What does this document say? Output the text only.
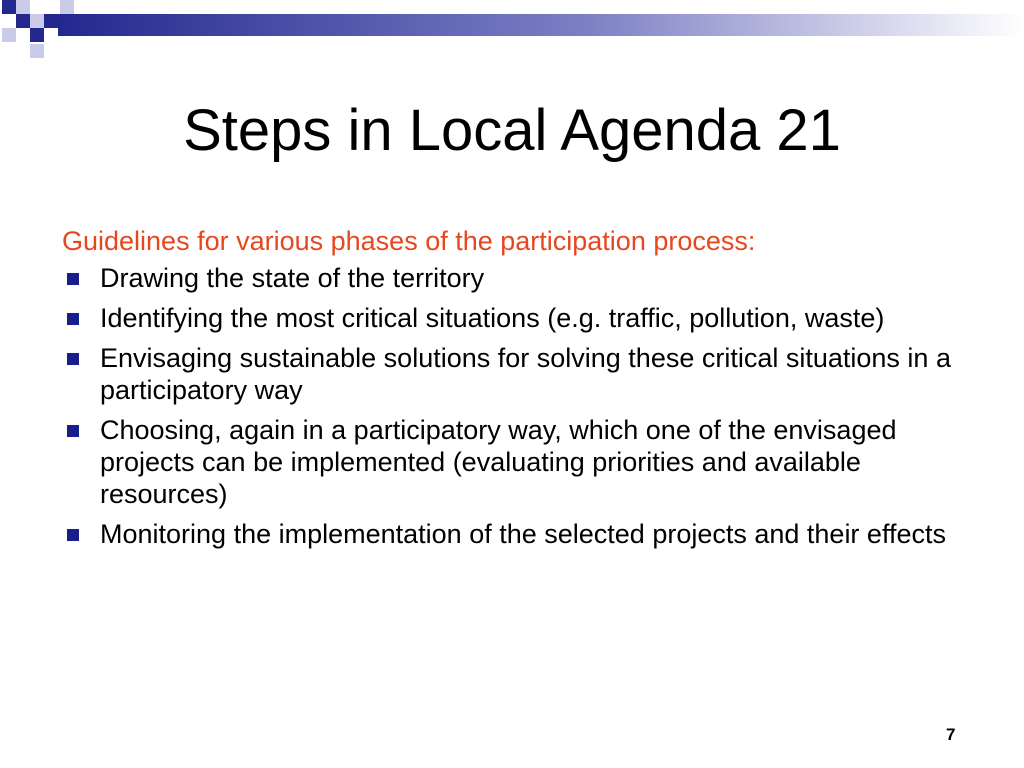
Steps in Local Agenda 21

Guidelines for various phases of the participation process:

Drawing the state of the territory
Identifying the most critical situations (e.g. traffic, pollution, waste)
Envisaging sustainable solutions for solving these critical situations in a participatory way
Choosing, again in a participatory way, which one of the envisaged projects can be implemented (evaluating priorities and available resources)
Monitoring the implementation of the selected projects and their effects
7
